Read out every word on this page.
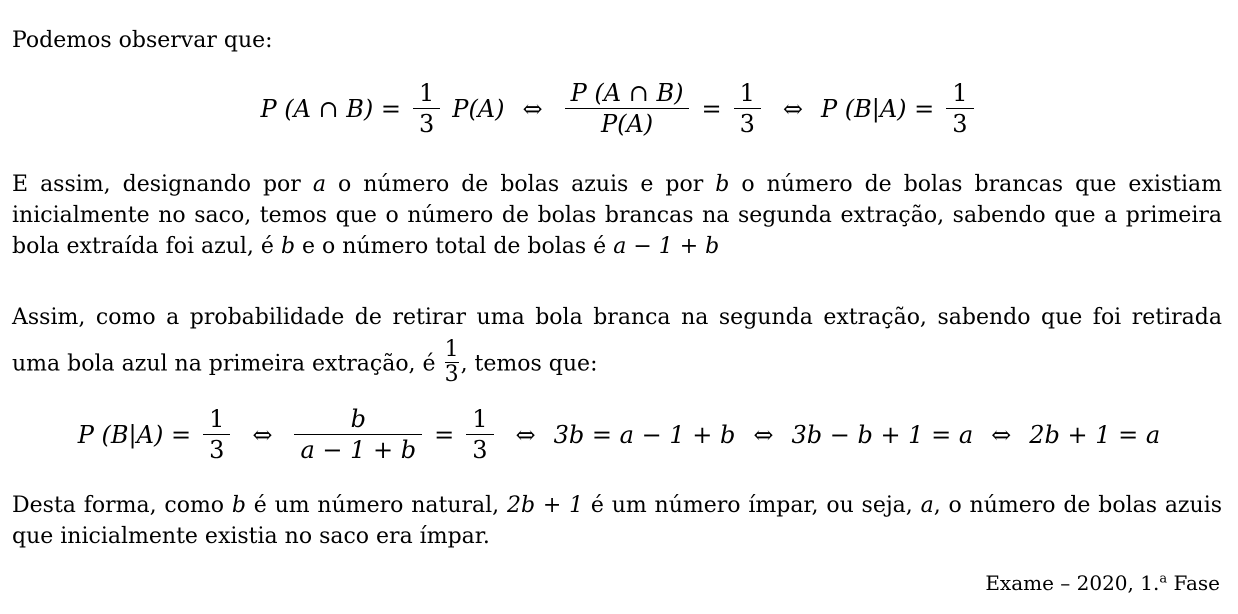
Podemos observar que:
P (A ∩ $B) = \frac{1}{3} P(A)$ ⇔ $\frac{P (A \cap B)}{P(A)} = \frac{1}{3}$ ⇔ P $(B|A) = \frac{1}{3}$
E assim, designando por a o número de bolas azuis e por b o número de bolas brancas que existiam inicialmente no saco, temos que o número de bolas brancas na segunda extração, sabendo que a primeira bola extraída foi azul, é b e o número total de bolas é a − 1 + b
Assim, como a probabilidade de retirar uma bola branca na segunda extração, sabendo que foi retirada uma bola azul na primeira extração, é $\frac{1}{3}$ , temos que:
P $(B|A) = \frac{1}{3}$ ⇔ $\frac{b}{a - 1 + b} = \frac{1}{3}$ ⇔ 3b = a − 1 + b ⇔ 3b − b + 1 = a ⇔ 2b + 1 = a
Desta forma, como b é um número natural, 2b + 1 é um número ímpar, ou seja, a, o número de bolas azuis que inicialmente existia no saco era ímpar.
Exame – 2020, 1.$^a$ Fase
